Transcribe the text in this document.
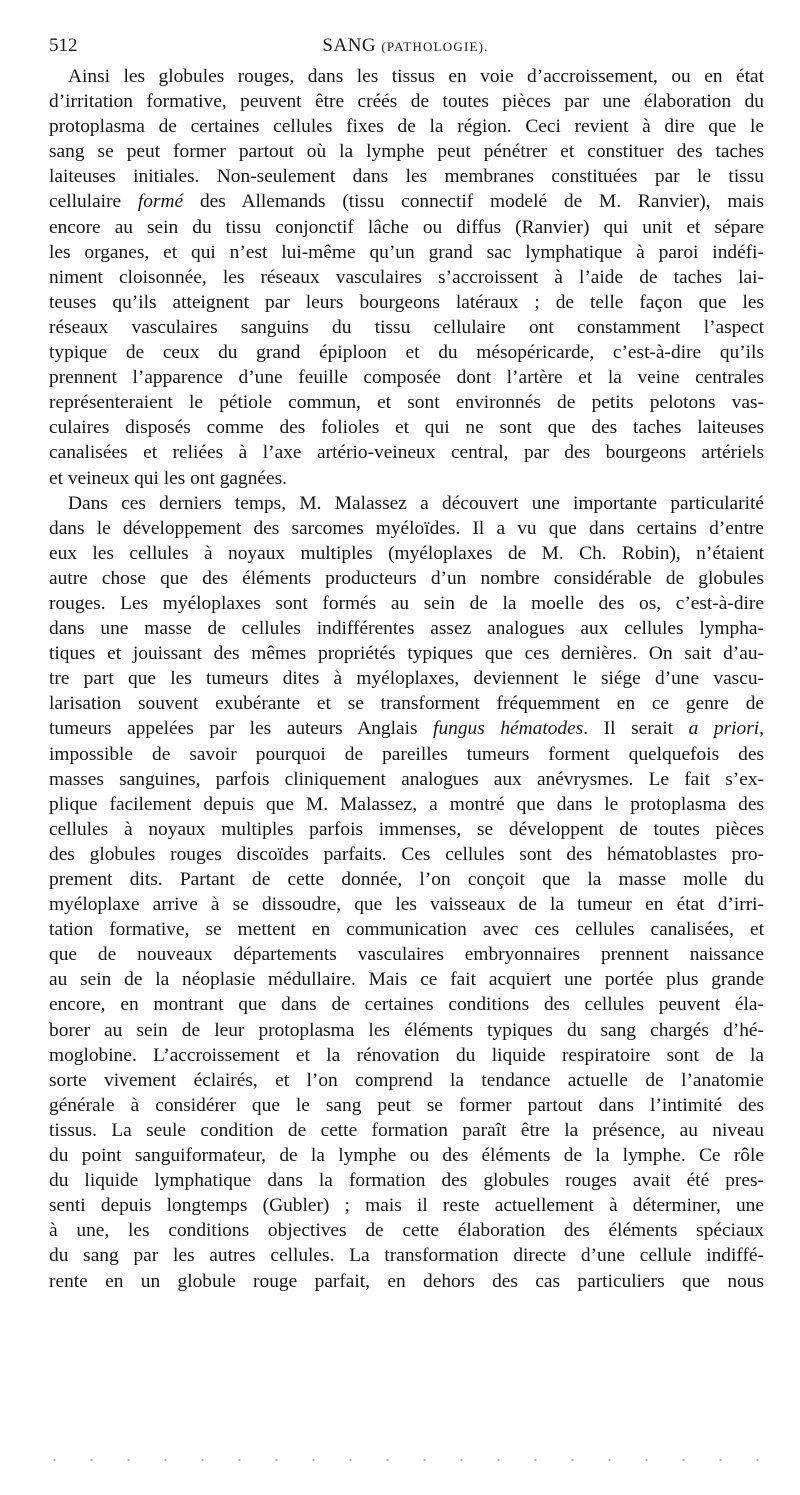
512	SANG (PATHOLOGIE).
Ainsi les globules rouges, dans les tissus en voie d’accroissement, ou en état
d’irritation formative, peuvent être créés de toutes pièces par une élaboration du
protoplasma de certaines cellules fixes de la région. Ceci revient à dire que le
sang se peut former partout où la lymphe peut pénétrer et constituer des taches
laiteuses initiales. Non-seulement dans les membranes constituées par le tissu
cellulaire formé des Allemands (tissu connectif modelé de M. Ranvier), mais
encore au sein du tissu conjonctif lâche ou diffus (Ranvier) qui unit et sépare
les organes, et qui n’est lui-même qu’un grand sac lymphatique à paroi indéfi-
niment cloisonnée, les réseaux vasculaires s’accroissent à l’aide de taches lai-
teuses qu’ils atteignent par leurs bourgeons latéraux ; de telle façon que les
réseaux vasculaires sanguins du tissu cellulaire ont constamment l’aspect
typique de ceux du grand épiploon et du mésopéricarde, c’est-à-dire qu’ils
prennent l’apparence d’une feuille composée dont l’artère et la veine centrales
représenteraient le pétiole commun, et sont environnés de petits pelotons vas-
culaires disposés comme des folioles et qui ne sont que des taches laiteuses
canalisées et reliées à l’axe artério-veineux central, par des bourgeons artériels
et veineux qui les ont gagnées.
Dans ces derniers temps, M. Malassez a découvert une importante particularité
dans le développement des sarcomes myéloïdes. Il a vu que dans certains d’entre
eux les cellules à noyaux multiples (myéloplaxes de M. Ch. Robin), n’étaient
autre chose que des éléments producteurs d’un nombre considérable de globules
rouges. Les myéloplaxes sont formés au sein de la moelle des os, c’est-à-dire
dans une masse de cellules indifférentes assez analogues aux cellules lympha-
tiques et jouissant des mêmes propriétés typiques que ces dernières. On sait d’au-
tre part que les tumeurs dites à myéloplaxes, deviennent le siége d’une vascu-
larisation souvent exubérante et se transforment fréquemment en ce genre de
tumeurs appelées par les auteurs Anglais fungus hématodes. Il serait a priori,
impossible de savoir pourquoi de pareilles tumeurs forment quelquefois des
masses sanguines, parfois cliniquement analogues aux anévrysmes. Le fait s’ex-
plique facilement depuis que M. Malassez, a montré que dans le protoplasma des
cellules à noyaux multiples parfois immenses, se développent de toutes pièces
des globules rouges discoïdes parfaits. Ces cellules sont des hématoblastes pro-
prement dits. Partant de cette donnée, l’on conçoit que la masse molle du
myéloplaxe arrive à se dissoudre, que les vaisseaux de la tumeur en état d’irri-
tation formative, se mettent en communication avec ces cellules canalisées, et
que de nouveaux départements vasculaires embryonnaires prennent naissance
au sein de la néoplasie médullaire. Mais ce fait acquiert une portée plus grande
encore, en montrant que dans de certaines conditions des cellules peuvent éla-
borer au sein de leur protoplasma les éléments typiques du sang chargés d’hé-
moglobine. L’accroissement et la rénovation du liquide respiratoire sont de la
sorte vivement éclairés, et l’on comprend la tendance actuelle de l’anatomie
générale à considérer que le sang peut se former partout dans l’intimité des
tissus. La seule condition de cette formation paraît être la présence, au niveau
du point sanguiformateur, de la lymphe ou des éléments de la lymphe. Ce rôle
du liquide lymphatique dans la formation des globules rouges avait été pres-
senti depuis longtemps (Gubler) ; mais il reste actuellement à déterminer, une
à une, les conditions objectives de cette élaboration des éléments spéciaux
du sang par les autres cellules. La transformation directe d’une cellule indiffé-
rente en un globule rouge parfait, en dehors des cas particuliers que nous
